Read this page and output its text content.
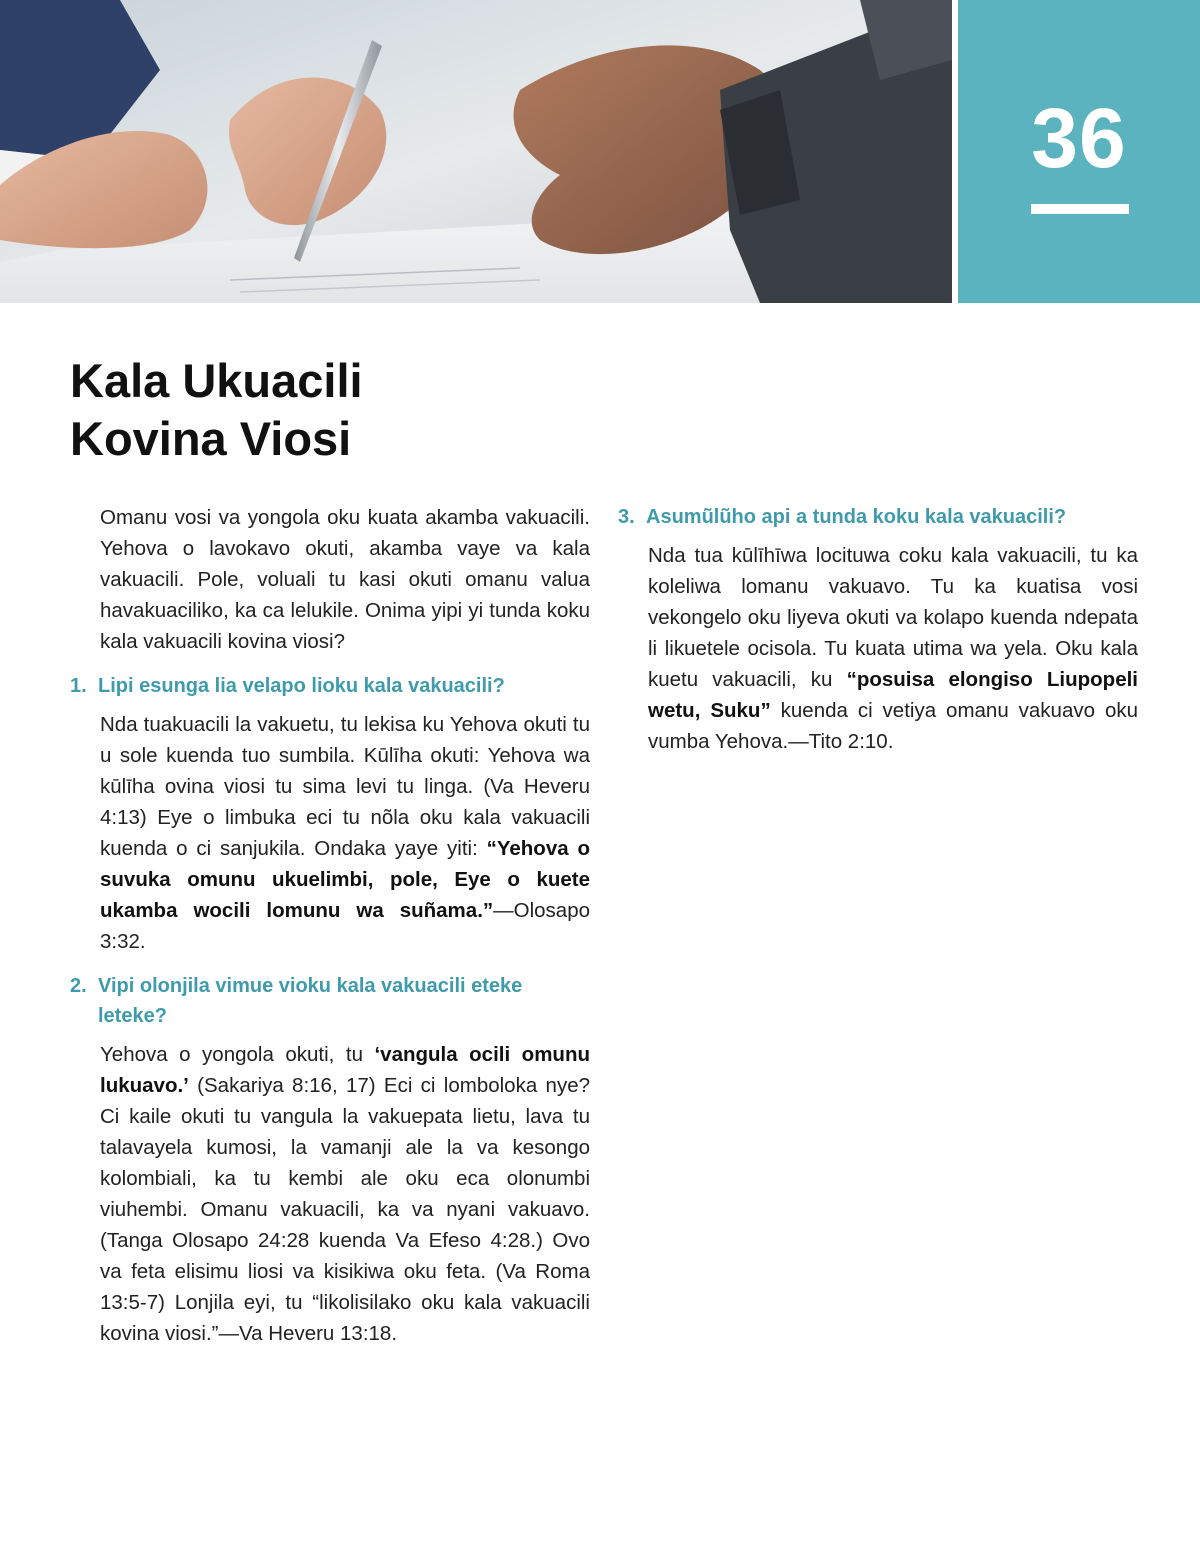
36
Kala Ukuacili
Kovina Viosi

Omanu vosi va yongola oku kuata akamba vakuacili. Yehova o lavokavo okuti, akamba vaye va kala vakuacili. Pole, voluali tu kasi okuti omanu valua havakuaciliko, ka ca lelukile. Onima yipi yi tunda koku kala vakuacili kovina viosi?

1. Lipi esunga lia velapo lioku kala vakuacili?

Nda tuakuacili la vakuetu, tu lekisa ku Yehova okuti tu u sole kuenda tuo sumbila. Kūlīha okuti: Yehova wa kūlīha ovina viosi tu sima levi tu linga. (Va Heveru 4:13) Eye o limbuka eci tu nõla oku kala vakuacili kuenda o ci sanjukila. Ondaka yaye yiti: “Yehova o suvuka omunu ukuelimbi, pole, Eye o kuete ukamba wocili lomunu wa suñama.”—Olosapo 3:32.

2. Vipi olonjila vimue vioku kala vakuacili eteke leteke?

Yehova o yongola okuti, tu ‘vangula ocili omunu lukuavo.’ (Sakariya 8:16, 17) Eci ci lomboloka nye? Ci kaile okuti tu vangula la vakuepata lietu, lava tu talavayela kumosi, la vamanji ale la va kesongo kolombiali, ka tu kembi ale oku eca olonumbi viuhembi. Omanu vakuacili, ka va nyani vakuavo. (Tanga Olosapo 24:28 kuenda Va Efeso 4:28.) Ovo va feta elisimu liosi va kisikiwa oku feta. (Va Roma 13:5-7) Lonjila eyi, tu “likolisilako oku kala vakuacili kovina viosi.”—Va Heveru 13:18.

3. Asumũlũho api a tunda koku kala vakuacili?

Nda tua kūlīhīwa locituwa coku kala vakuacili, tu ka koleliwa lomanu vakuavo. Tu ka kuatisa vosi vekongelo oku liyeva okuti va kolapo kuenda ndepata li likuetele ocisola. Tu kuata utima wa yela. Oku kala kuetu vakuacili, ku “posuisa elongiso Liupopeli wetu, Suku” kuenda ci vetiya omanu vakuavo oku vumba Yehova.—Tito 2:10.
